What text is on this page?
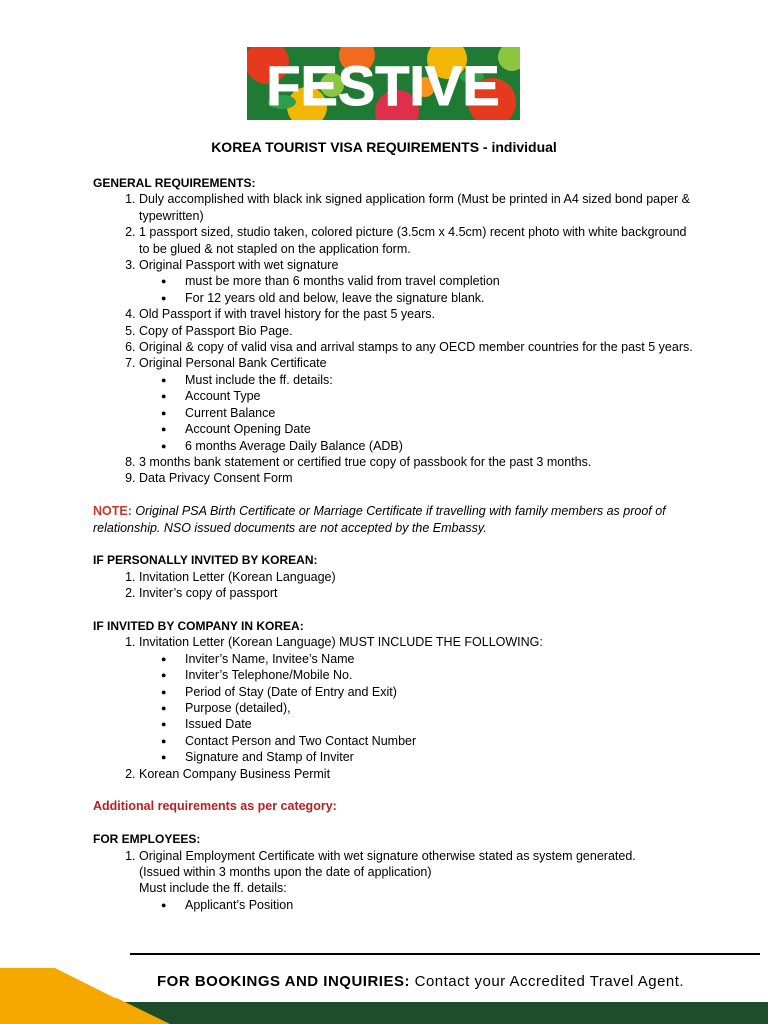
FESTIVE
KOREA TOURIST VISA REQUIREMENTS - individual
GENERAL REQUIREMENTS:
1. Duly accomplished with black ink signed application form (Must be printed in A4 sized bond paper & typewritten)
2. 1 passport sized, studio taken, colored picture (3.5cm x 4.5cm) recent photo with white background to be glued & not stapled on the application form.
3. Original Passport with wet signature
● must be more than 6 months valid from travel completion
● For 12 years old and below, leave the signature blank.
4. Old Passport if with travel history for the past 5 years.
5. Copy of Passport Bio Page.
6. Original & copy of valid visa and arrival stamps to any OECD member countries for the past 5 years.
7. Original Personal Bank Certificate
● Must include the ff. details:
● Account Type
● Current Balance
● Account Opening Date
● 6 months Average Daily Balance (ADB)
8. 3 months bank statement or certified true copy of passbook for the past 3 months.
9. Data Privacy Consent Form
NOTE: Original PSA Birth Certificate or Marriage Certificate if travelling with family members as proof of relationship. NSO issued documents are not accepted by the Embassy.
IF PERSONALLY INVITED BY KOREAN:
1. Invitation Letter (Korean Language)
2. Inviter’s copy of passport
IF INVITED BY COMPANY IN KOREA:
1. Invitation Letter (Korean Language) MUST INCLUDE THE FOLLOWING:
● Inviter’s Name, Invitee’s Name
● Inviter’s Telephone/Mobile No.
● Period of Stay (Date of Entry and Exit)
● Purpose (detailed),
● Issued Date
● Contact Person and Two Contact Number
● Signature and Stamp of Inviter
2. Korean Company Business Permit
Additional requirements as per category:
FOR EMPLOYEES:
1. Original Employment Certificate with wet signature otherwise stated as system generated.
(Issued within 3 months upon the date of application)
Must include the ff. details:
● Applicant’s Position
FOR BOOKINGS AND INQUIRIES: Contact your Accredited Travel Agent.
